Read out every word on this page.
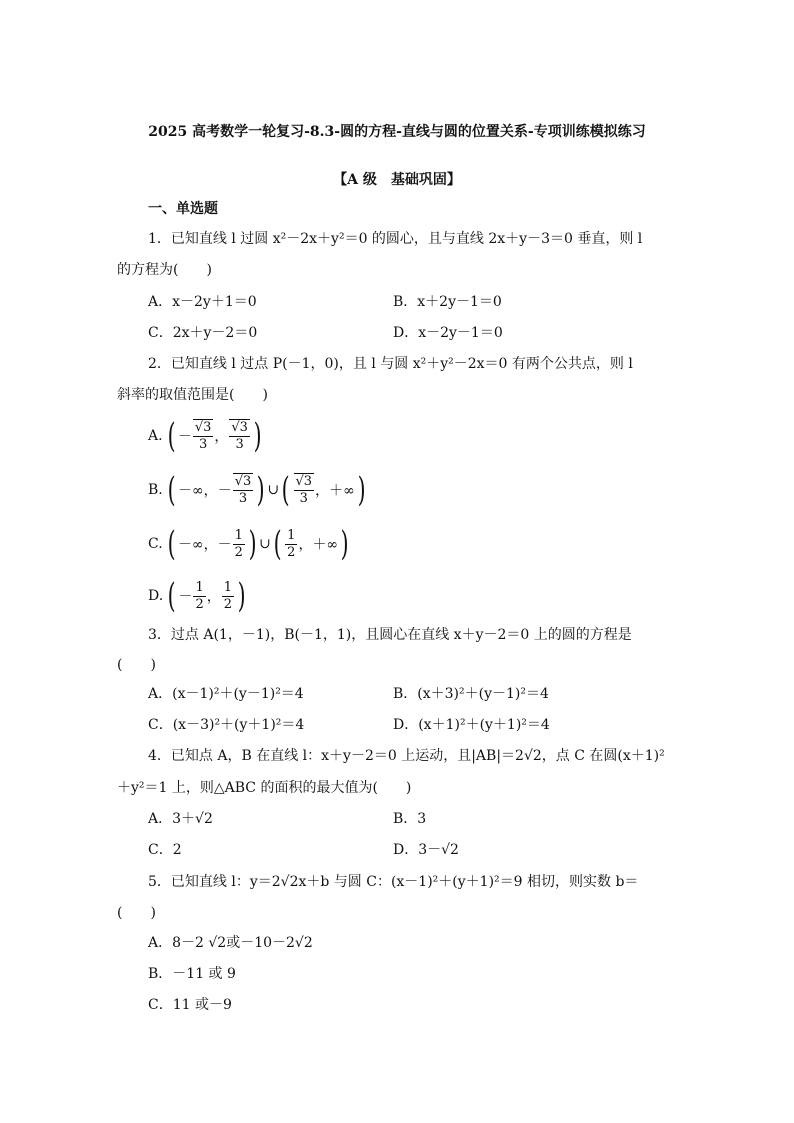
2025 高考数学一轮复习-8.3-圆的方程-直线与圆的位置关系-专项训练模拟练习
【A 级　基础巩固】
一、单选题
1．已知直线 l 过圆 x²－2x＋y²＝0 的圆心，且与直线 2x＋y－3＝0 垂直，则 l
的方程为(　　)
A．x－2y＋1＝0	B．x＋2y－1＝0
C．2x＋y－2＝0	D．x－2y－1＝0
2．已知直线 l 过点 P(－1，0)，且 l 与圆 x²＋y²－2x＝0 有两个公共点，则 l
斜率的取值范围是(　　)
A. ( － $\frac{√3}{3}$ ， $\frac{√3}{3}$ )
B. ( －∞， － $\frac{√3}{3}$ ) ∪ ( $\frac{√3}{3}$ ， ＋∞ )
C. ( －∞， － $\frac{1}{2}$ ) ∪ ( $\frac{1}{2}$ ， ＋∞ )
D. ( － $\frac{1}{2}$ ， $\frac{1}{2}$ )
3．过点 A(1，－1)，B(－1，1)，且圆心在直线 x＋y－2＝0 上的圆的方程是
(　　)
A．(x－1)²＋(y－1)²＝4	B．(x＋3)²＋(y－1)²＝4
C．(x－3)²＋(y＋1)²＝4	D．(x＋1)²＋(y＋1)²＝4
4．已知点 A，B 在直线 l：x＋y－2＝0 上运动，且|AB|＝2√2，点 C 在圆(x＋1)²
＋y²＝1 上，则△ABC 的面积的最大值为(　　)
A．3＋√2	B．3
C．2	D．3－√2
5．已知直线 l：y＝2√2x＋b 与圆 C：(x－1)²＋(y＋1)²＝9 相切，则实数 b＝
(　　)
A．8－2 √2或－10－2√2
B．－11 或 9
C．11 或－9
